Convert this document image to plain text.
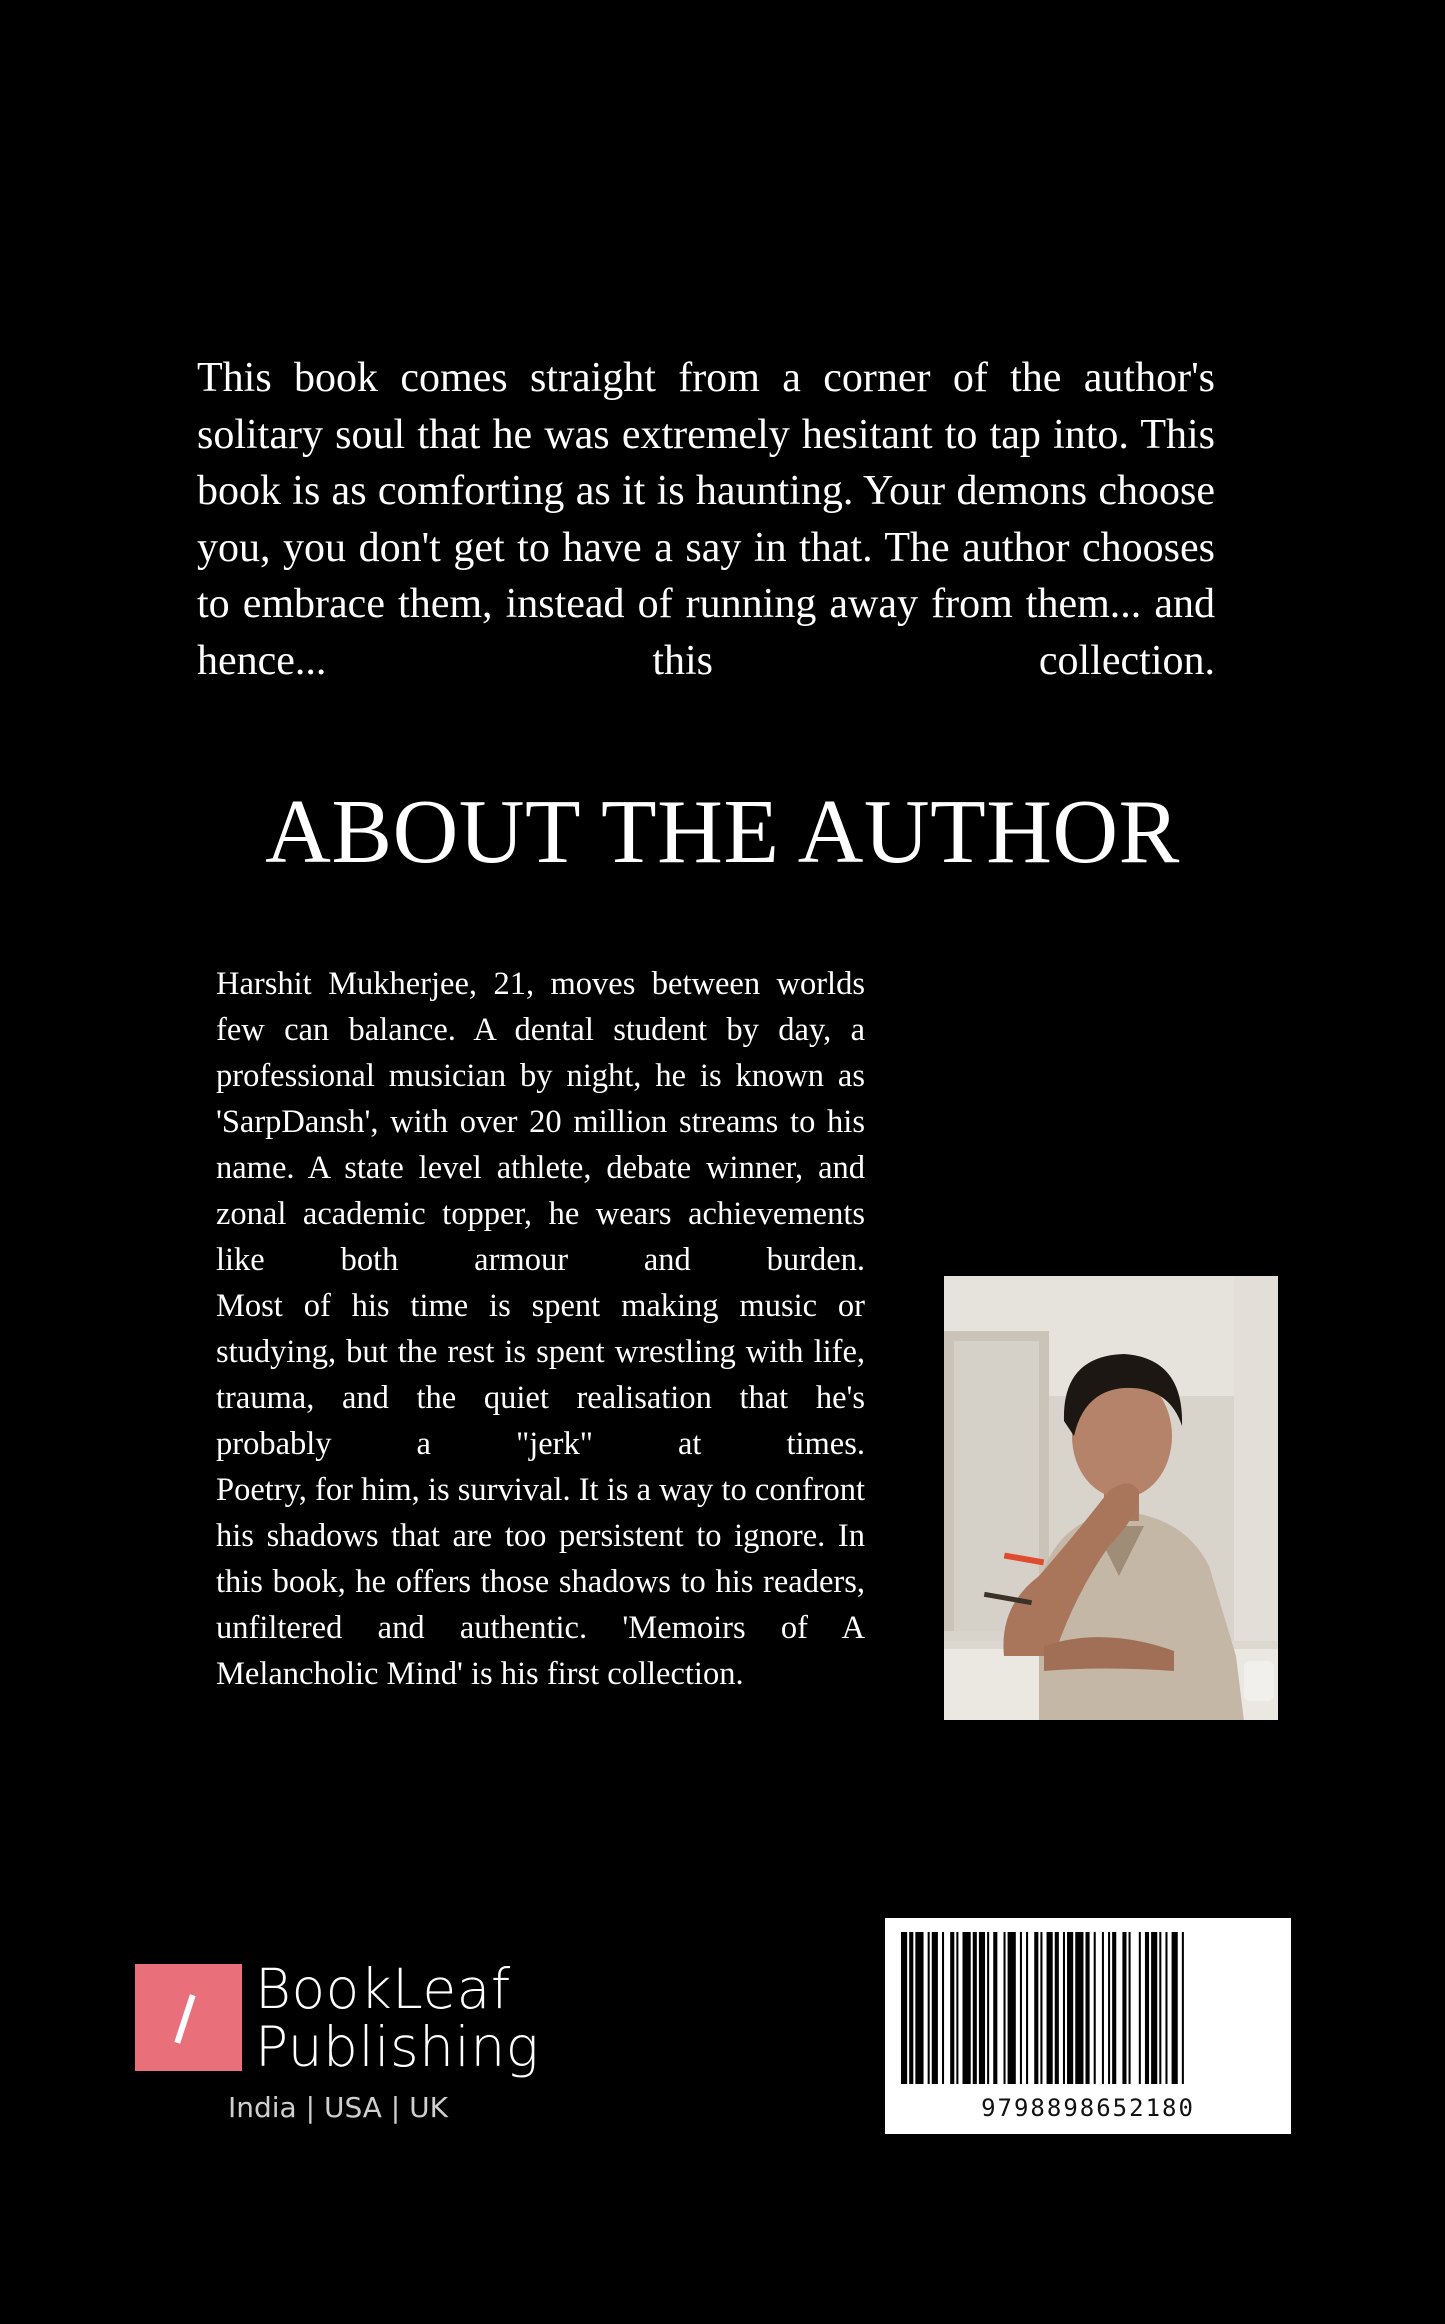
This book comes straight from a corner of the author's solitary soul that he was extremely hesitant to tap into. This book is as comforting as it is haunting. Your demons choose you, you don't get to have a say in that. The author chooses to embrace them, instead of running away from them... and hence... this collection.

ABOUT THE AUTHOR

Harshit Mukherjee, 21, moves between worlds few can balance. A dental student by day, a professional musician by night, he is known as 'SarpDansh', with over 20 million streams to his name. A state level athlete, debate winner, and zonal academic topper, he wears achievements like both armour and burden.

Most of his time is spent making music or studying, but the rest is spent wrestling with life, trauma, and the quiet realisation that he's probably a "jerk" at times.

Poetry, for him, is survival. It is a way to confront his shadows that are too persistent to ignore. In this book, he offers those shadows to his readers, unfiltered and authentic. 'Memoirs of A Melancholic Mind' is his first collection.

BookLeaf
Publishing
India | USA | UK	9798898652180
